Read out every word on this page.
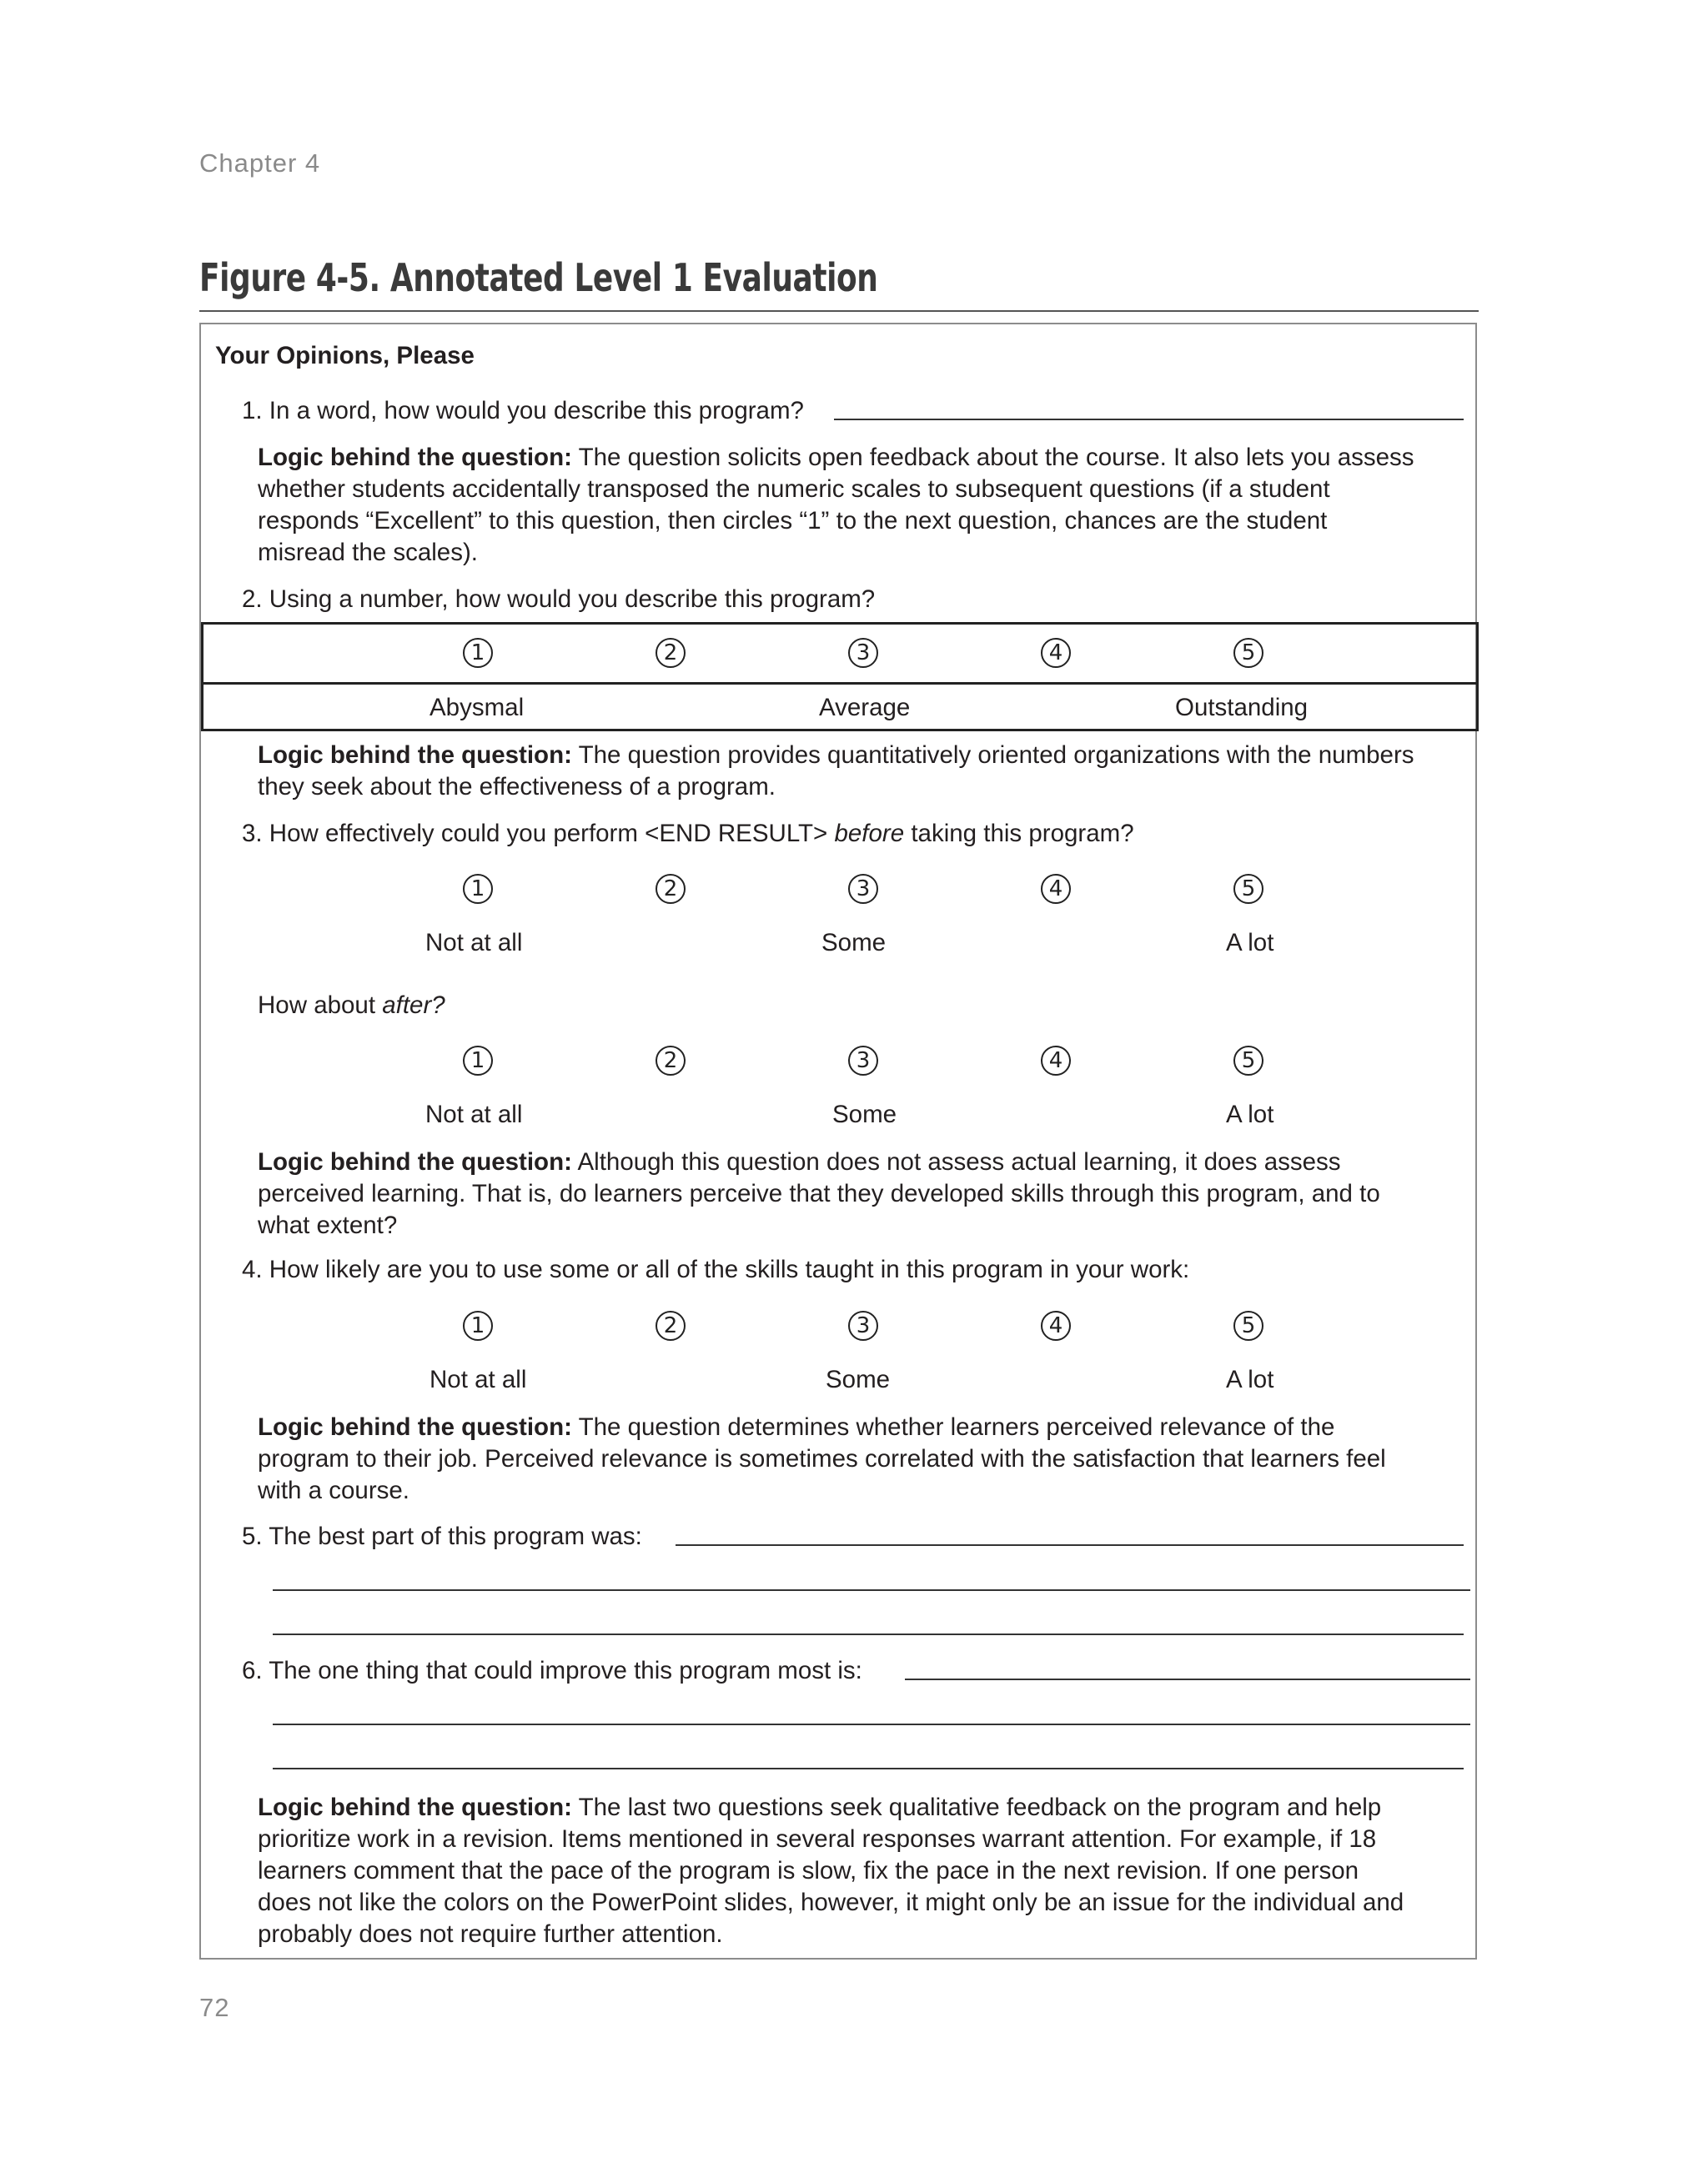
Chapter 4
Figure 4-5. Annotated Level 1 Evaluation
Your Opinions, Please
1. In a word, how would you describe this program?
Logic behind the question: The question solicits open feedback about the course. It also lets you assess
whether students accidentally transposed the numeric scales to subsequent questions (if a student
responds “Excellent” to this question, then circles “1” to the next question, chances are the student
misread the scales).
2. Using a number, how would you describe this program?
1	2	3	4	5
Abysmal	Average	Outstanding
Logic behind the question: The question provides quantitatively oriented organizations with the numbers
they seek about the effectiveness of a program.
3. How effectively could you perform <END RESULT> before taking this program?
1	2	3	4	5
Not at all	Some	A lot
How about after?
1	2	3	4	5
Not at all	Some	A lot
Logic behind the question: Although this question does not assess actual learning, it does assess
perceived learning. That is, do learners perceive that they developed skills through this program, and to
what extent?
4. How likely are you to use some or all of the skills taught in this program in your work:
1	2	3	4	5
Not at all	Some	A lot
Logic behind the question: The question determines whether learners perceived relevance of the
program to their job. Perceived relevance is sometimes correlated with the satisfaction that learners feel
with a course.
5. The best part of this program was:
6. The one thing that could improve this program most is:
Logic behind the question: The last two questions seek qualitative feedback on the program and help
prioritize work in a revision. Items mentioned in several responses warrant attention. For example, if 18
learners comment that the pace of the program is slow, fix the pace in the next revision. If one person
does not like the colors on the PowerPoint slides, however, it might only be an issue for the individual and
probably does not require further attention.
72
